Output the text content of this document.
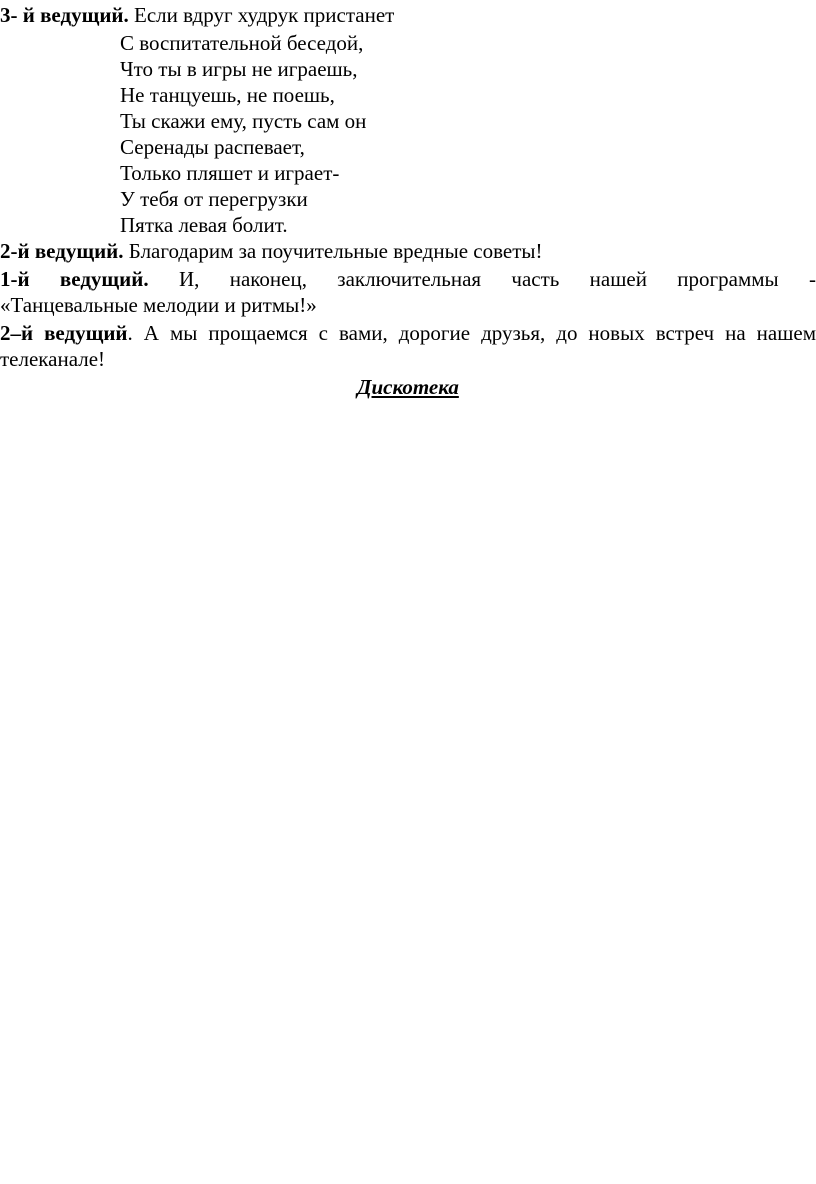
3- й ведущий. Если вдруг худрук пристанет
С воспитательной беседой,
Что ты в игры не играешь,
Не танцуешь, не поешь,
Ты скажи ему, пусть сам он
Серенады распевает,
Только пляшет и играет-
У тебя от перегрузки
Пятка левая болит.
2-й ведущий. Благодарим за поучительные вредные советы!
1-й ведущий. И, наконец, заключительная часть нашей программы -
«Танцевальные мелодии и ритмы!»
2–й ведущий. А мы прощаемся с вами, дорогие друзья, до новых встреч на нашем
телеканале!
Дискотека
